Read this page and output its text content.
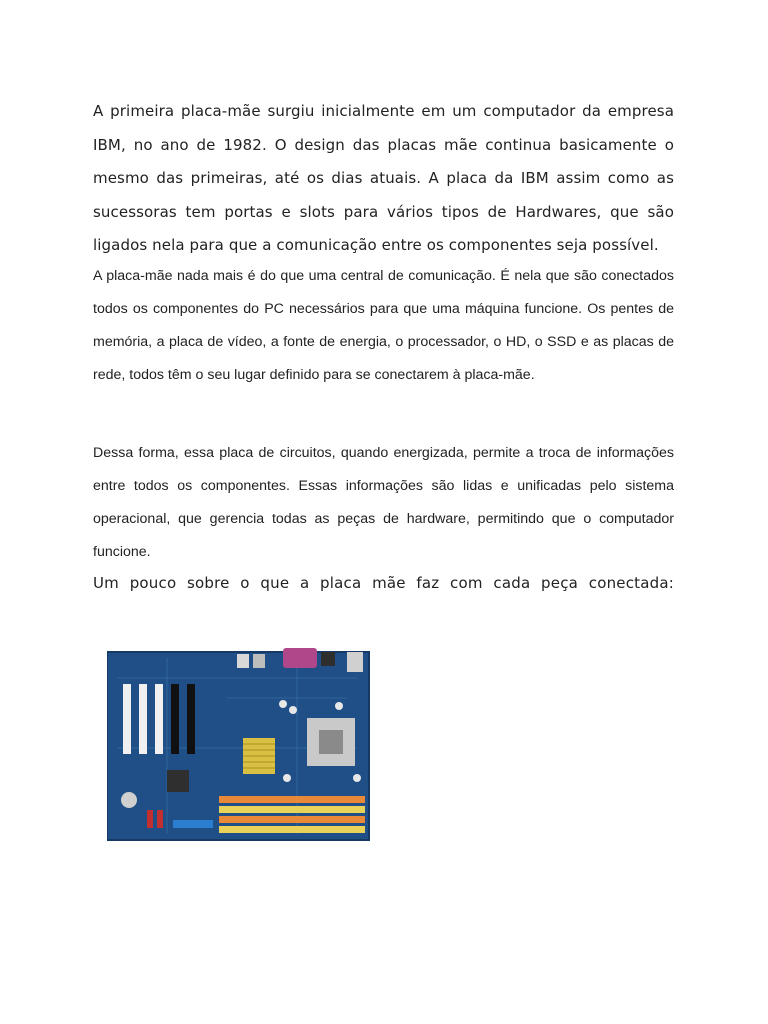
A primeira placa-mãe surgiu inicialmente em um computador da empresa IBM, no ano de 1982. O design das placas mãe continua basicamente o mesmo das primeiras, até os dias atuais. A placa da IBM assim como as sucessoras tem portas e slots para vários tipos de Hardwares, que são ligados nela para que a comunicação entre os componentes seja possível.

A placa-mãe nada mais é do que uma central de comunicação. É nela que são conectados todos os componentes do PC necessários para que uma máquina funcione. Os pentes de memória, a placa de vídeo, a fonte de energia, o processador, o HD, o SSD e as placas de rede, todos têm o seu lugar definido para se conectarem à placa-mãe.

Dessa forma, essa placa de circuitos, quando energizada, permite a troca de informações entre todos os componentes. Essas informações são lidas e unificadas pelo sistema operacional, que gerencia todas as peças de hardware, permitindo que o computador funcione.

Um pouco sobre o que a placa mãe faz com cada peça conectada:
